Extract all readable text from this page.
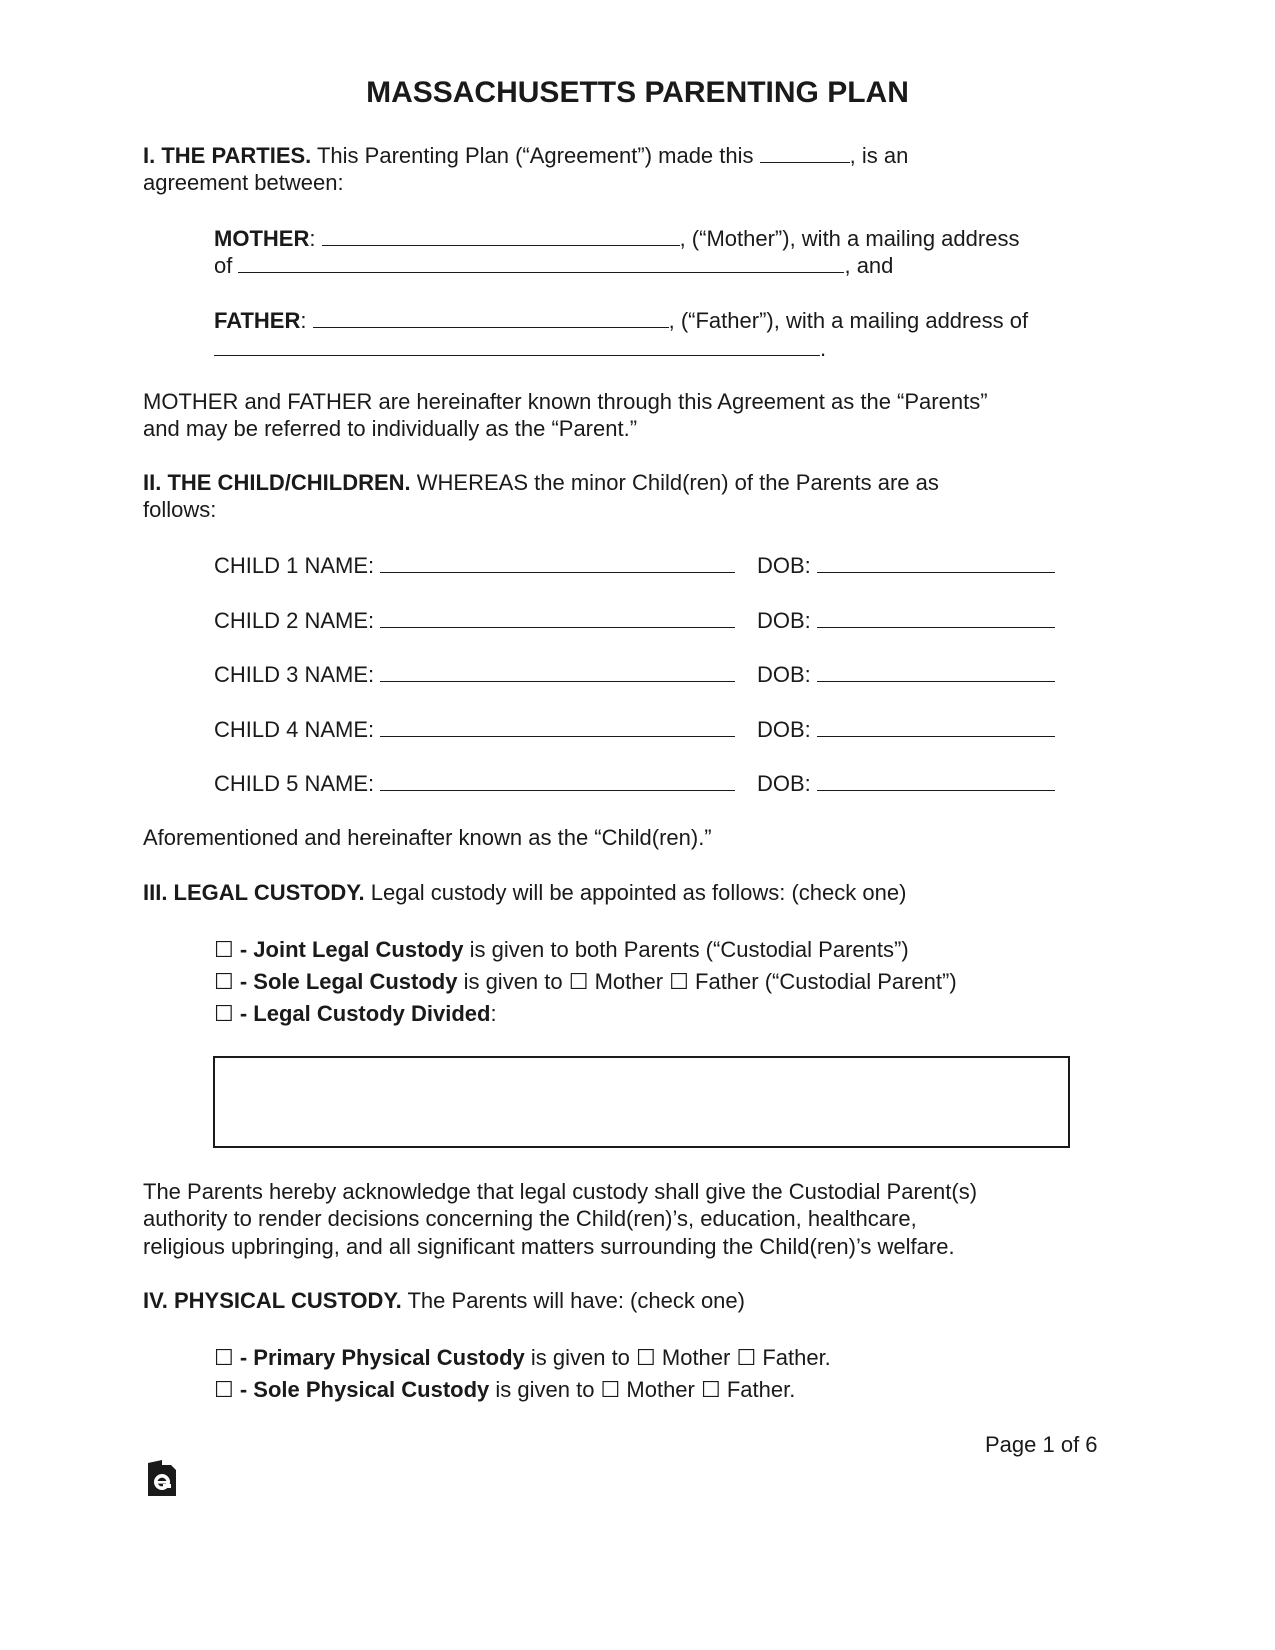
MASSACHUSETTS PARENTING PLAN
I. THE PARTIES. This Parenting Plan (“Agreement”) made this	, is an
agreement between:
MOTHER:	, (“Mother”), with a mailing address
of	, and
FATHER:	, (“Father”), with a mailing address of
.
MOTHER and FATHER are hereinafter known through this Agreement as the “Parents”
and may be referred to individually as the “Parent.”
II. THE CHILD/CHILDREN. WHEREAS the minor Child(ren) of the Parents are as
follows:
CHILD 1 NAME:	DOB:
CHILD 2 NAME:	DOB:
CHILD 3 NAME:	DOB:
CHILD 4 NAME:	DOB:
CHILD 5 NAME:	DOB:
Aforementioned and hereinafter known as the “Child(ren).”
III. LEGAL CUSTODY. Legal custody will be appointed as follows: (check one)
☐ - Joint Legal Custody is given to both Parents (“Custodial Parents”)
☐ - Sole Legal Custody is given to ☐ Mother ☐ Father (“Custodial Parent”)
☐ - Legal Custody Divided:
The Parents hereby acknowledge that legal custody shall give the Custodial Parent(s)
authority to render decisions concerning the Child(ren)’s, education, healthcare,
religious upbringing, and all significant matters surrounding the Child(ren)’s welfare.
IV. PHYSICAL CUSTODY. The Parents will have: (check one)
☐ - Primary Physical Custody is given to ☐ Mother ☐ Father.
☐ - Sole Physical Custody is given to ☐ Mother ☐ Father.
Page 1 of 6
